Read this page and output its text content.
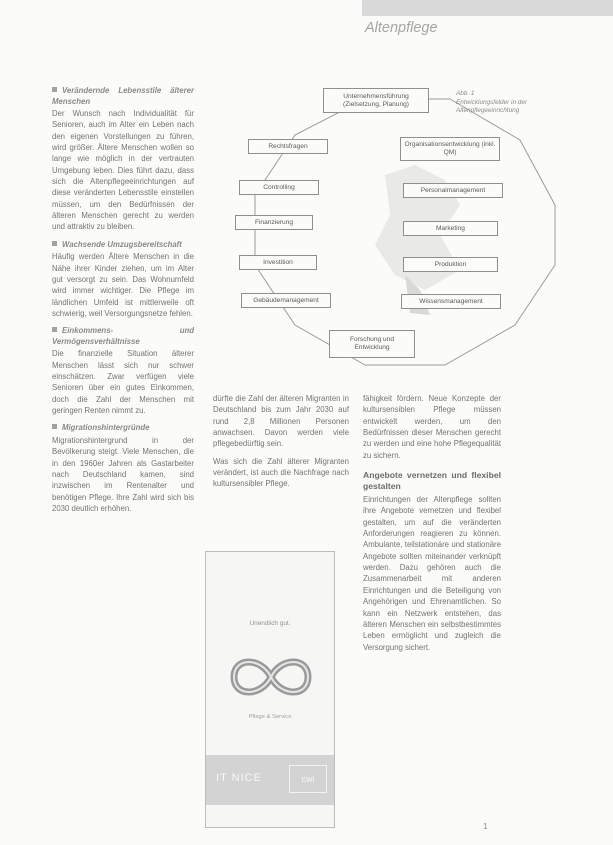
Altenpflege
Verändernde Lebensstile älterer Menschen

Der Wunsch nach Individualität für Senioren, auch im Alter ein Leben nach den eigenen Vorstellungen zu führen, wird größer. Ältere Menschen wollen so lange wie möglich in der vertrauten Umgebung leben. Dies führt dazu, dass sich die Altenpflegeeinrichtungen auf diese veränderten Lebensstile einstellen müssen, um den Bedürfnissen der älteren Menschen gerecht zu werden und attraktiv zu bleiben.

Wachsende Umzugsbereitschaft

Häufig werden Ältere Menschen in die Nähe ihrer Kinder ziehen, um im Alter gut versorgt zu sein. Das Wohnumfeld wird immer wichtiger. Die Pflege im ländlichen Umfeld ist mittlerweile oft schwierig, weil Versorgungsnetze fehlen.

Einkommens- und Vermögensverhältnisse

Die finanzielle Situation älterer Menschen lässt sich nur schwer einschätzen. Zwar verfügen viele Senioren über ein gutes Einkommen, doch die Zahl der Menschen mit geringen Renten nimmt zu.

Migrationshintergründe

Migrationshintergrund in der Bevölkerung steigt. Viele Menschen, die in den 1960er Jahren als Gastarbeiter nach Deutschland kamen, sind inzwischen im Rentenalter und benötigen Pflege. Ihre Zahl wird sich bis 2030 deutlich erhöhen.

Unternehmensführung (Zielsetzung, Planung)
Organisationsentwicklung (inkl. QM)
Rechtsfragen
Controlling	Personalmanagement
Finanzierung
Marketing
Investition	Produktion
Gebäudemanagement	Wissensmanagement
Forschung und Entwicklung
Abb. 1
Entwicklungsfelder in der
Altenpflegeeinrichtung

dürfte die Zahl der älteren Migranten in Deutschland bis zum Jahr 2030 auf rund 2,8 Millionen Personen anwachsen. Davon werden viele pflegebedürftig sein.

Was sich die Zahl älterer Migranten verändert, ist auch die Nachfrage nach kultursensibler Pflege.

fähigkeit fördern. Neue Konzepte der kultursensiblen Pflege müssen entwickelt werden, um den Bedürfnissen dieser Menschen gerecht zu werden und eine hohe Pflegequalität zu sichern.

Angebote vernetzen und flexibel gestalten

Einrichtungen der Altenpflege sollten ihre Angebote vernetzen und flexibel gestalten, um auf die veränderten Anforderungen reagieren zu können. Ambulante, teilstationäre und stationäre Angebote sollten miteinander verknüpft werden. Dazu gehören auch die Zusammenarbeit mit anderen Einrichtungen und die Beteiligung von Angehörigen und Ehrenamtlichen. So kann ein Netzwerk entstehen, das älteren Menschen ein selbstbestimmtes Leben ermöglicht und zugleich die Versorgung sichert.

Unendlich gut.
Pflege & Service
IT NICE	cwi
1
